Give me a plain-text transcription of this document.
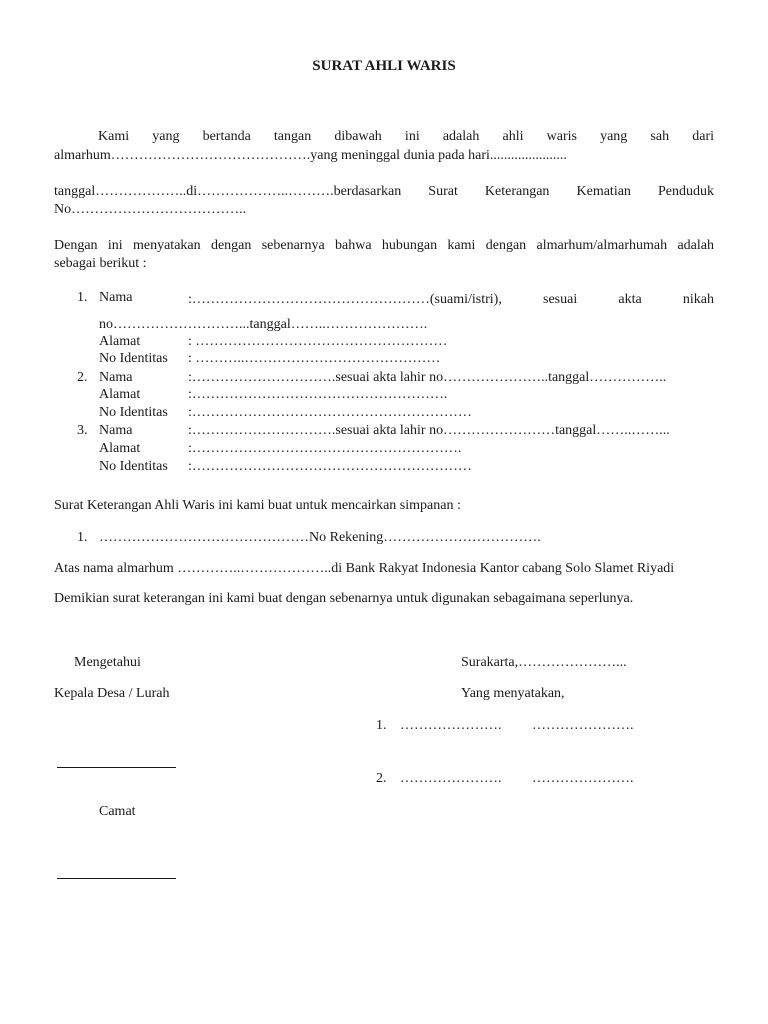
SURAT AHLI WARIS
Kami yang bertanda tangan dibawah ini adalah ahli waris yang sah dari
almarhum…………………………………….yang meninggal dunia pada hari......................
tanggal………………..di………………..……….berdasarkan Surat Keterangan Kematian Penduduk
No………………………………..
Dengan ini menyatakan dengan sebenarnya bahwa hubungan kami dengan almarhum/almarhumah adalah
sebagai berikut :
1. Nama	:……………………………………………(suami/istri), sesuai akta nikah
no………………………...tanggal……..………………….
Alamat	: ………………………………………………
No Identitas : ………..……………………………………
2. Nama	:………………………….sesuai akta lahir no…………………..tanggal……………..
Alamat	:……………………………………………….
No Identitas :……………………………………………………
3. Nama	:………………………….sesuai akta lahir no……………………tanggal……..……...
Alamat	:………………………………………………….
No Identitas :……………………………………………………
Surat Keterangan Ahli Waris ini kami buat untuk mencairkan simpanan :
1. ………………………………………No Rekening…………………………….
Atas nama almarhum …………..………………..di Bank Rakyat Indonesia Kantor cabang Solo Slamet Riyadi
Demikian surat keterangan ini kami buat dengan sebenarnya untuk digunakan sebagaimana seperlunya.
Mengetahui
Kepala Desa / Lurah
Camat
Surakarta,…………………...
Yang menyatakan,
1. …………………. ………………….
2. …………………. ………………….
